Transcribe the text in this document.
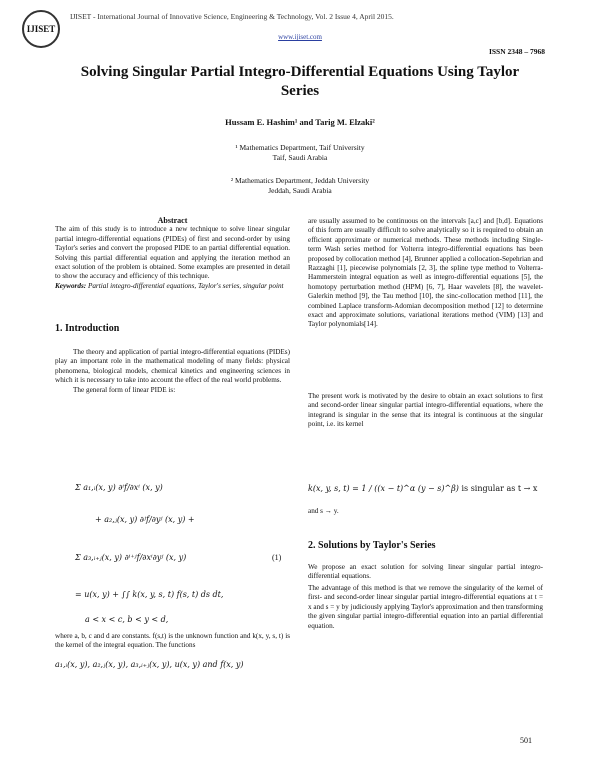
IJISET
IJISET - International Journal of Innovative Science, Engineering & Technology, Vol. 2 Issue 4, April 2015.
www.ijiset.com
ISSN 2348 – 7968
Solving Singular Partial Integro-Differential Equations Using Taylor Series
Hussam E. Hashim¹ and Tarig M. Elzaki²
¹ Mathematics Department, Taif University
Taif, Saudi Arabia
² Mathematics Department, Jeddah University
Jeddah, Saudi Arabia
Abstract

The aim of this study is to introduce a new technique to solve linear singular partial integro-differential equations (PIDEs) of first and second-order by using Taylor's series and convert the proposed PIDE to an partial differential equation. Solving this partial differential equation and applying the iteration method an exact solution of the problem is obtained. Some examples are presented in detail to show the accuracy and efficiency of this technique.

Keywords: Partial integro-differential equations, Taylor's series, singular point

1. Introduction

The theory and application of partial integro-differential equations (PIDEs) play an important role in the mathematical modeling of many fields: physical phenomena, biological models, chemical kinetics and engineering sciences in which it is necessary to take into account the effect of the real world problems.

The general form of linear PIDE is:

Σ a₁,ᵢ(x, y) ∂ⁱf/∂xⁱ (x, y)
+ a₂,ⱼ(x, y) ∂ʲf/∂yʲ (x, y) +
Σ a₃,ᵢ₊ⱼ(x, y) ∂ⁱ⁺ʲf/∂xⁱ∂yʲ (x, y)	(1)
= u(x, y) + ∫∫ k(x, y, s, t) f(s, t) ds dt,
a < x < c, b < y < d,
where a, b, c and d are constants. f(s,t) is the unknown function and k(x, y, s, t) is the kernel of the integral equation. The functions
a₁,ᵢ(x, y), a₂,ⱼ(x, y), a₃,ᵢ₊ⱼ(x, y), u(x, y) and f(x, y)
are usually assumed to be continuous on the intervals [a,c] and [b,d]. Equations of this form are usually difficult to solve analytically so it is required to obtain an efficient approximate or numerical methods. These methods including Single-term Wash series method for Volterra integro-differential equations has been proposed by collocation method [4], Brunner applied a collocation-Sepehrian and Razzaghi [1], piecewise polynomials [2, 3], the spline type method to Volterra-Hammerstein integral equation as well as integro-differential equations [5], the homotopy perturbation method (HPM) [6, 7], Haar wavelets [8], the wavelet-Galerkin method [9], the Tau method [10], the sinc-collocation method [11], the combined Laplace transform-Adomian decomposition method [12] to determine exact and approximate solutions, variational iterations method (VIM) [13] and Taylor polynomials[14].
The present work is motivated by the desire to obtain an exact solutions to first and second-order linear singular partial integro-differential equations, where the integrand is singular in the sense that its integral is continuous at the singular point, i.e. its kernel
k(x, y, s, t) = 1 / ((x − t)^α (y − s)^β) is singular as t → x
and s → y.
2. Solutions by Taylor's Series
We propose an exact solution for solving linear singular partial integro-differential equations.
The advantage of this method is that we remove the singularity of the kernel of first- and second-order linear singular partial integro-differential equations at t = x and s = y by judiciously applying Taylor's approximation and then transforming the given singular partial integro-differential equation into an partial differential equation.
501
